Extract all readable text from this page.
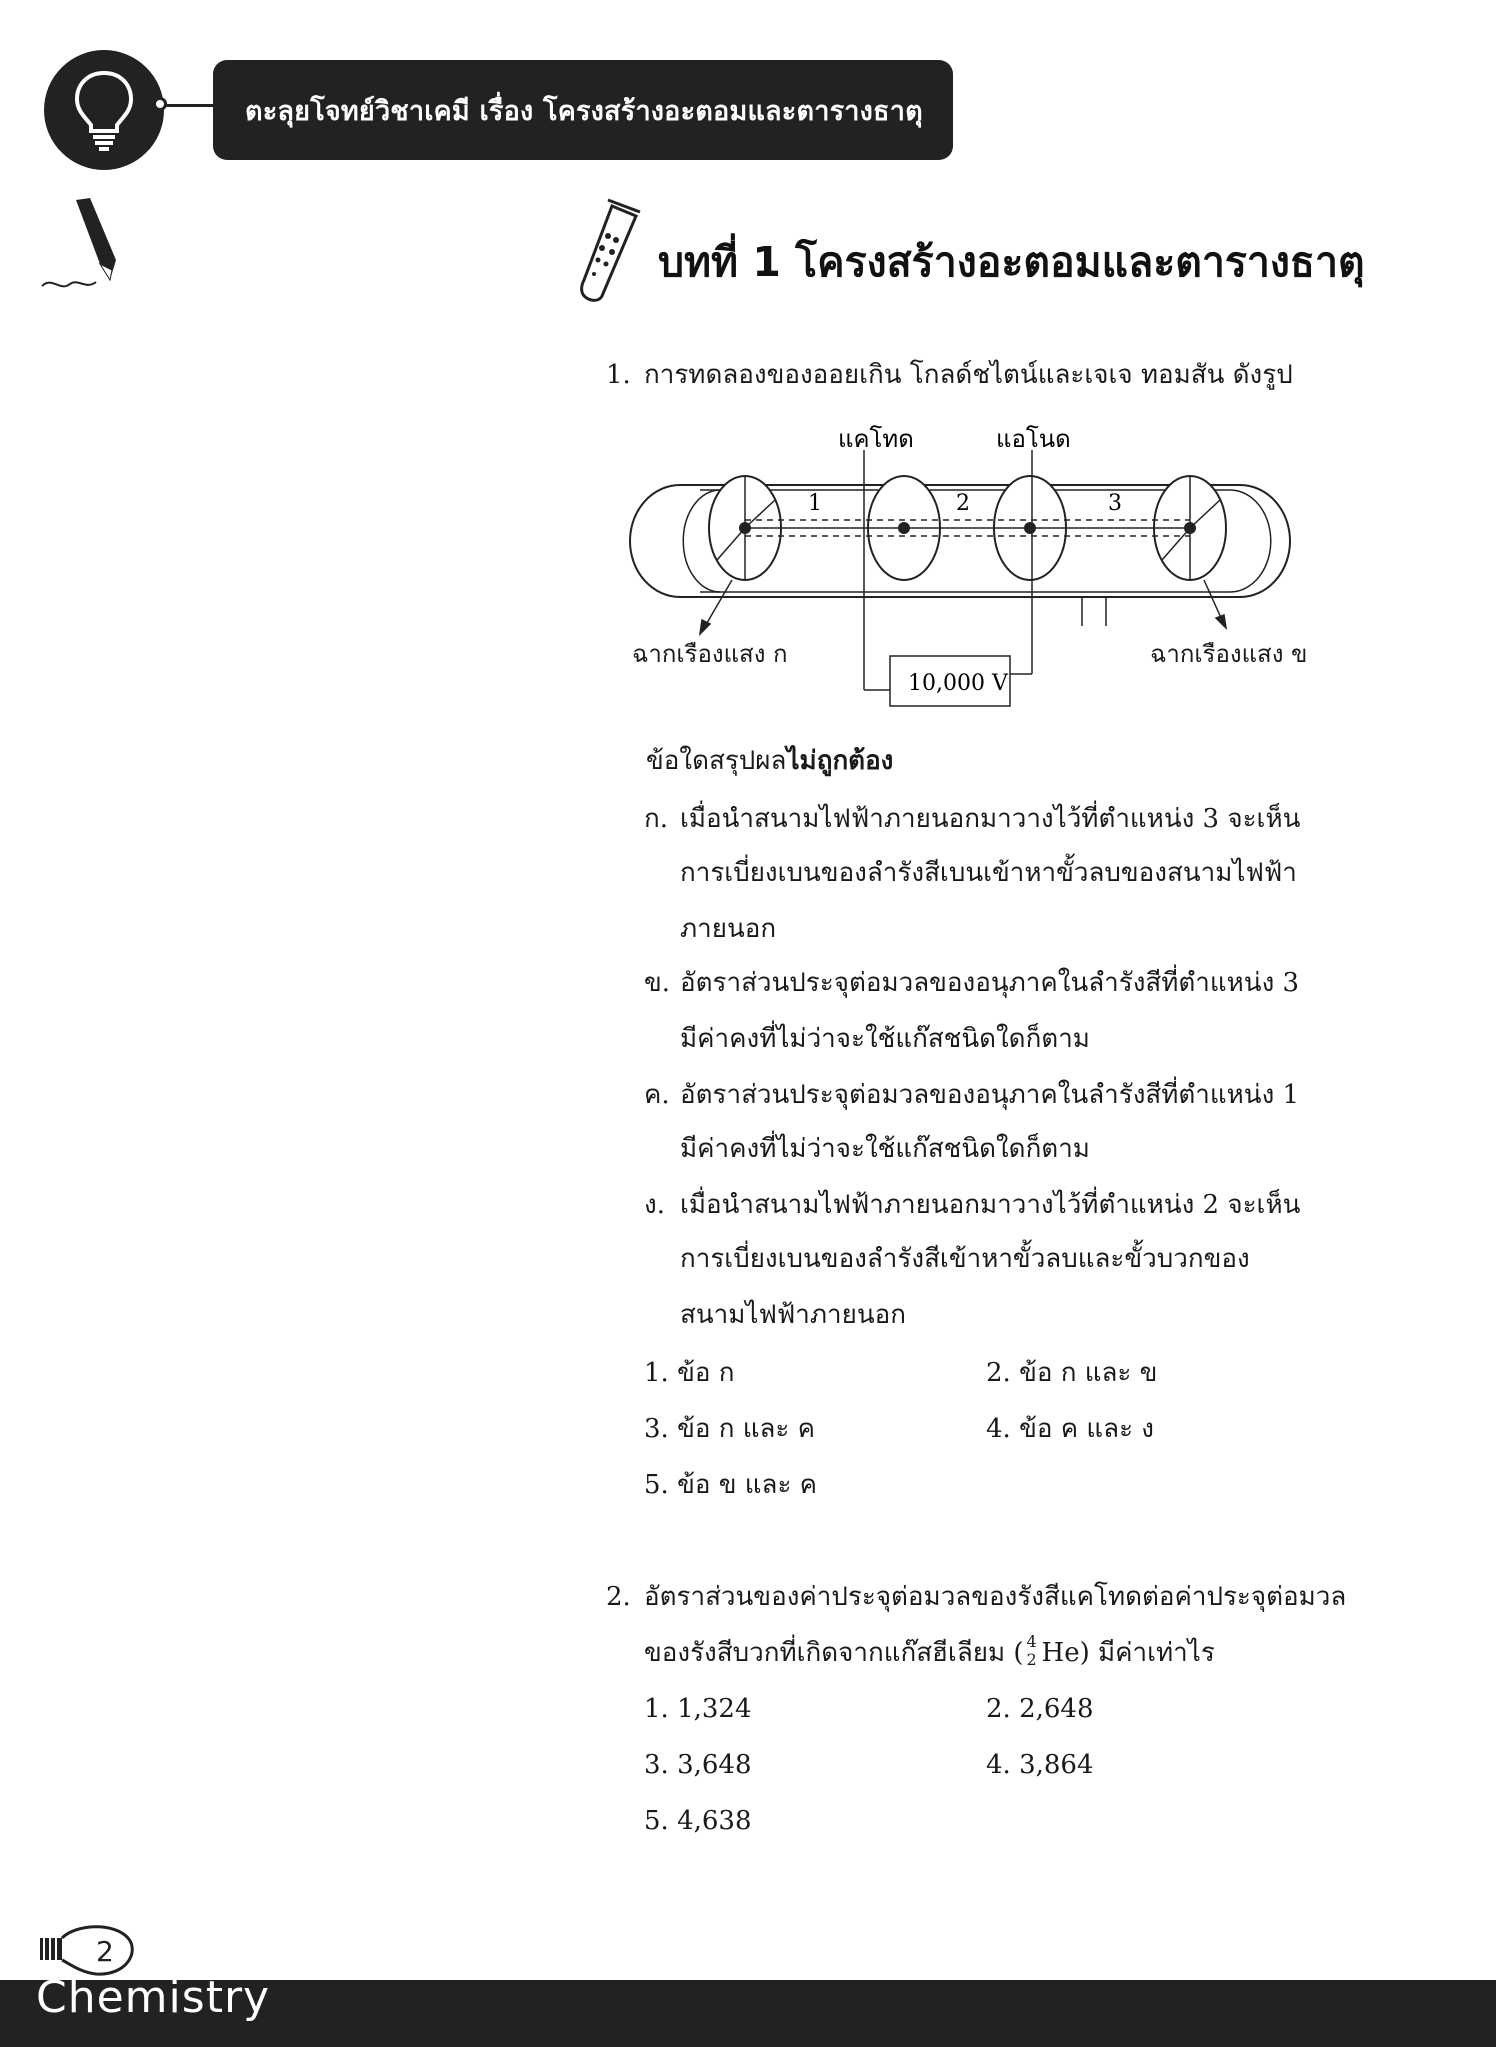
ตะลุยโจทย์วิชาเคมี เรื่อง โครงสร้างอะตอมและตารางธาตุ
บทที่ 1 โครงสร้างอะตอมและตารางธาตุ
1. การทดลองของออยเกิน โกลด์ชไตน์และเจเจ ทอมสัน ดังรูป
แคโทด	แอโนด
1	2	3
10,000 V
ฉากเรืองแสง ก	ฉากเรืองแสง ข
ข้อใดสรุปผลไม่ถูกต้อง
ก. เมื่อนำสนามไฟฟ้าภายนอกมาวางไว้ที่ตำแหน่ง 3 จะเห็น
การเบี่ยงเบนของลำรังสีเบนเข้าหาขั้วลบของสนามไฟฟ้า
ภายนอก
ข. อัตราส่วนประจุต่อมวลของอนุภาคในลำรังสีที่ตำแหน่ง 3
มีค่าคงที่ไม่ว่าจะใช้แก๊สชนิดใดก็ตาม
ค. อัตราส่วนประจุต่อมวลของอนุภาคในลำรังสีที่ตำแหน่ง 1
มีค่าคงที่ไม่ว่าจะใช้แก๊สชนิดใดก็ตาม
ง. เมื่อนำสนามไฟฟ้าภายนอกมาวางไว้ที่ตำแหน่ง 2 จะเห็น
การเบี่ยงเบนของลำรังสีเข้าหาขั้วลบและขั้วบวกของ
สนามไฟฟ้าภายนอก
1. ข้อ ก	2. ข้อ ก และ ข
3. ข้อ ก และ ค	4. ข้อ ค และ ง
5. ข้อ ข และ ค
2. อัตราส่วนของค่าประจุต่อมวลของรังสีแคโทดต่อค่าประจุต่อมวล
ของรังสีบวกที่เกิดจากแก๊สฮีเลียม ( 4
2 He) มีค่าเท่าไร
1. 1,324	2. 2,648
3. 3,648	4. 3,864
5. 4,638
2
Chemistry
